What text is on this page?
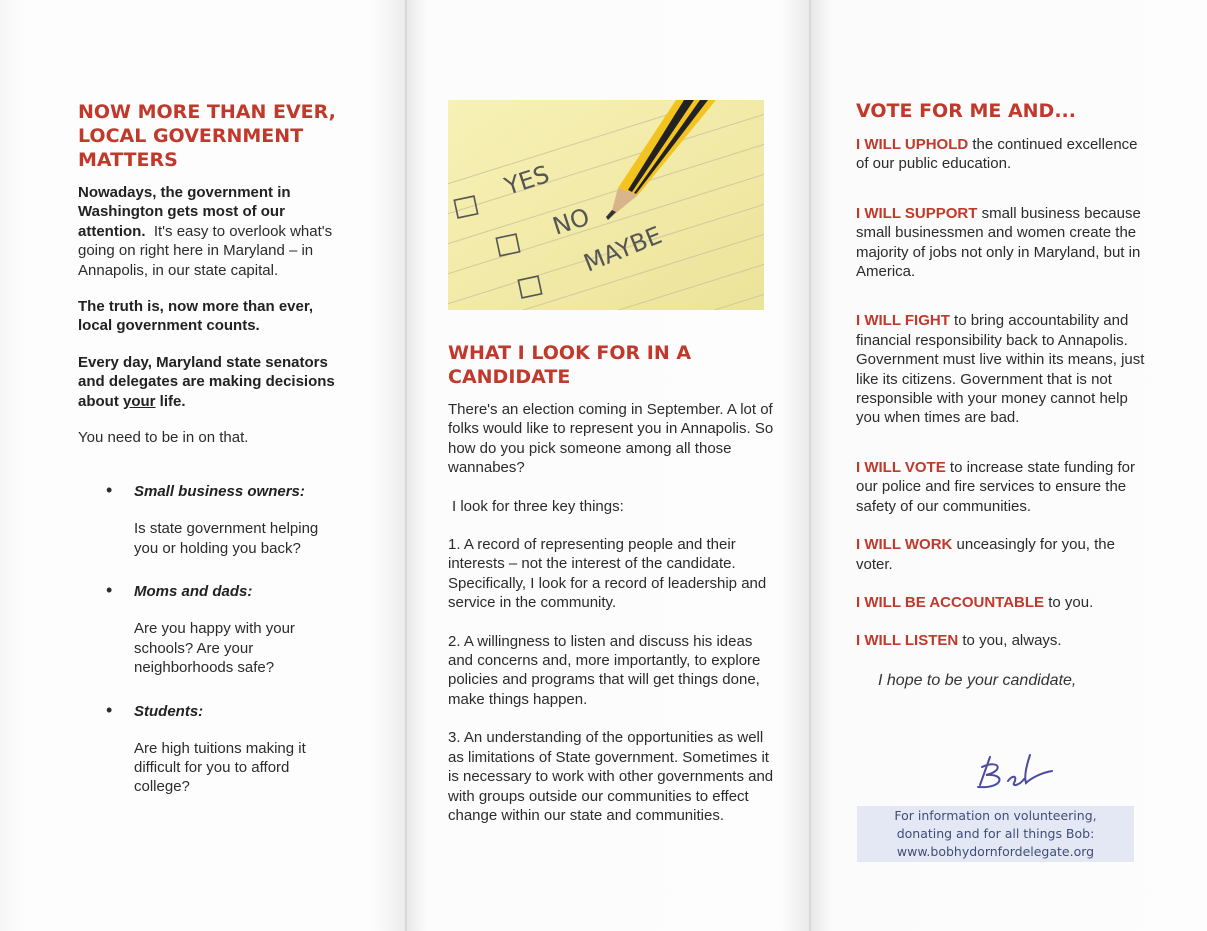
NOW MORE THAN EVER, LOCAL GOVERNMENT MATTERS

Nowadays, the government in Washington gets most of our attention. It's easy to overlook what's going on right here in Maryland – in Annapolis, in our state capital.

The truth is, now more than ever, local government counts.

Every day, Maryland state senators and delegates are making decisions about your life.

You need to be in on that.

• Small business owners:
Is state government helping you or holding you back?
• Moms and dads:
Are you happy with your schools? Are your neighborhoods safe?
• Students:
Are high tuitions making it difficult for you to afford college?
YES
NO
MAYBE
WHAT I LOOK FOR IN A CANDIDATE

There's an election coming in September. A lot of folks would like to represent you in Annapolis. So how do you pick someone among all those wannabes?

I look for three key things:

1. A record of representing people and their interests – not the interest of the candidate. Specifically, I look for a record of leadership and service in the community.

2. A willingness to listen and discuss his ideas and concerns and, more importantly, to explore policies and programs that will get things done, make things happen.

3. An understanding of the opportunities as well as limitations of State government. Sometimes it is necessary to work with other governments and with groups outside our communities to effect change within our state and communities.

VOTE FOR ME AND...

I WILL UPHOLD the continued excellence of our public education.

I WILL SUPPORT small business because small businessmen and women create the majority of jobs not only in Maryland, but in America.

I WILL FIGHT to bring accountability and financial responsibility back to Annapolis. Government must live within its means, just like its citizens. Government that is not responsible with your money cannot help you when times are bad.

I WILL VOTE to increase state funding for our police and fire services to ensure the safety of our communities.

I WILL WORK unceasingly for you, the voter.

I WILL BE ACCOUNTABLE to you.

I WILL LISTEN to you, always.

I hope to be your candidate,

For information on volunteering,
donating and for all things Bob:
www.bobhydornfordelegate.org
